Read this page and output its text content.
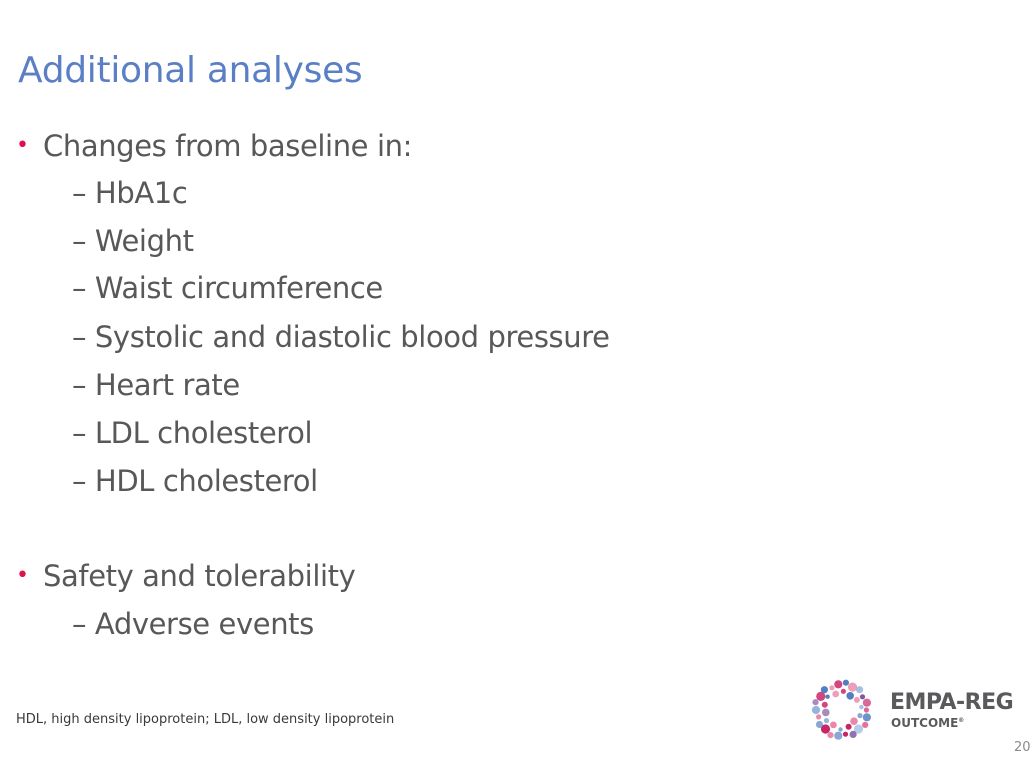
Additional analyses
• Changes from baseline in:
– HbA1c
– Weight
– Waist circumference
– Systolic and diastolic blood pressure
– Heart rate
– LDL cholesterol
– HDL cholesterol
• Safety and tolerability
– Adverse events
HDL, high density lipoprotein; LDL, low density lipoprotein
EMPA-REG
OUTCOME®
20
